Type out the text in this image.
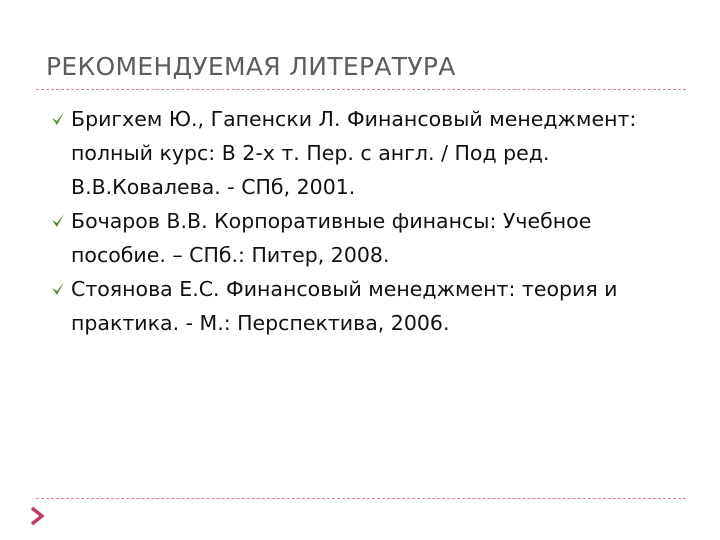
РЕКОМЕНДУЕМАЯ ЛИТЕРАТУРА
Бригхем Ю., Гапенски Л. Финансовый менеджмент: полный курс: В 2-х т. Пер. с англ. / Под ред. В.В.Ковалева. - СПб, 2001.
Бочаров В.В. Корпоративные финансы: Учебное пособие. – СПб.: Питер, 2008.
Стоянова Е.С. Финансовый менеджмент: теория и практика. - М.: Перспектива, 2006.
